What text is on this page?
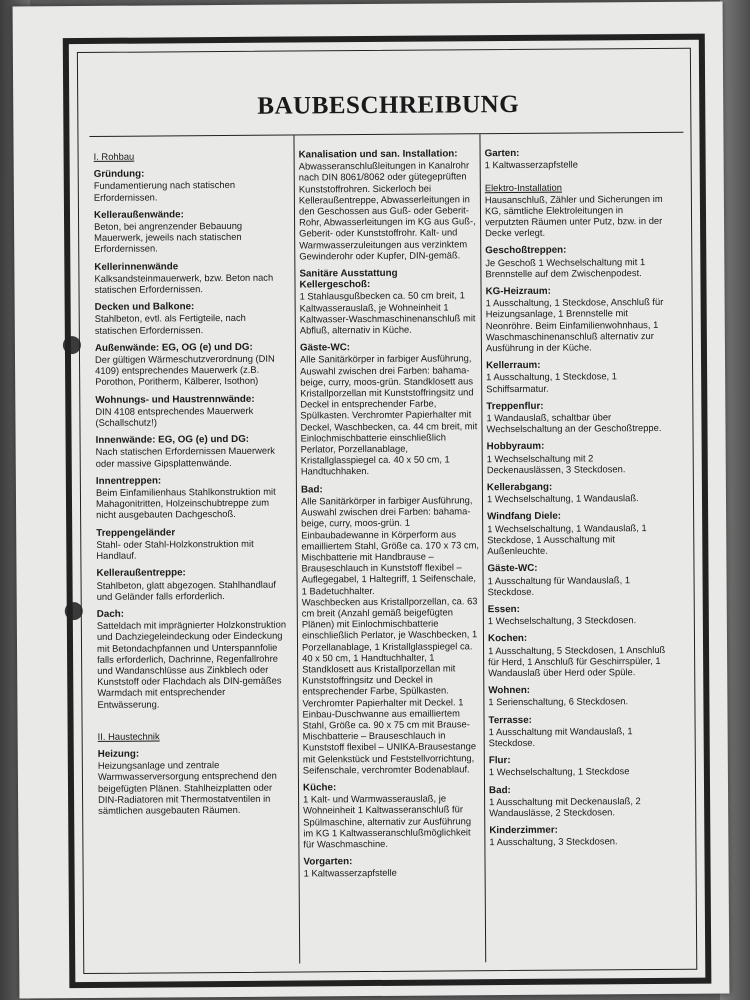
BAUBESCHREIBUNG

I. Rohbau

Gründung:

Fundamentierung nach statischen Erfordernissen.

Kelleraußenwände:

Beton, bei angrenzender Bebauung Mauerwerk, jeweils nach statischen Erfordernissen.

Kellerinnenwände

Kalksandsteinmauerwerk, bzw. Beton nach statischen Erfordernissen.

Decken und Balkone:

Stahlbeton, evtl. als Fertigteile, nach statischen Erfordernissen.

Außenwände: EG, OG (e) und DG:

Der gültigen Wärmeschutzverordnung (DIN 4109) entsprechendes Mauerwerk (z.B. Porothon, Poritherm, Kälberer, Isothon)

Wohnungs- und Haustrennwände:

DIN 4108 entsprechendes Mauerwerk (Schallschutz!)

Innenwände: EG, OG (e) und DG:

Nach statischen Erfordernissen Mauerwerk oder massive Gipsplattenwände.

Innentreppen:

Beim Einfamilienhaus Stahlkonstruktion mit Mahagonitritten, Holzeinschubtreppe zum nicht ausgebauten Dachgeschoß.

Treppengeländer

Stahl- oder Stahl-Holzkonstruktion mit Handlauf.

Kelleraußentreppe:

Stahlbeton, glatt abgezogen. Stahlhandlauf und Geländer falls erforderlich.

Dach:

Satteldach mit imprägnierter Holzkonstruktion und Dachziegeleindeckung oder Eindeckung mit Betondachpfannen und Unterspannfolie falls erforderlich, Dachrinne, Regenfallrohre und Wandanschlüsse aus Zinkblech oder Kunststoff oder Flachdach als DIN-gemäßes Warmdach mit entsprechender Entwässerung.

II. Haustechnik

Heizung:

Heizungsanlage und zentrale Warmwasserversorgung entsprechend den beigefügten Plänen. Stahlheizplatten oder DIN-Radiatoren mit Thermostatventilen in sämtlichen ausgebauten Räumen.

Kanalisation und san. Installation:

Abwasseranschlußleitungen in Kanalrohr nach DIN 8061/8062 oder gütegeprüften Kunststoffrohren. Sickerloch bei Kelleraußentreppe, Abwasserleitungen in den Geschossen aus Guß- oder Geberit-Rohr, Abwasserleitungen im KG aus Guß-, Geberit- oder Kunststoffrohr. Kalt- und Warmwasserzuleitungen aus verzinktem Gewinderohr oder Kupfer, DIN-gemäß.

Sanitäre Ausstattung

Kellergeschoß:

1 Stahlausgußbecken ca. 50 cm breit, 1 Kaltwasserauslaß, je Wohneinheit 1 Kaltwasser-Waschmaschinenanschluß mit Abfluß, alternativ in Küche.

Gäste-WC:

Alle Sanitärkörper in farbiger Ausführung, Auswahl zwischen drei Farben: bahama-beige, curry, moos-grün. Standklosett aus Kristallporzellan mit Kunststoffringsitz und Deckel in entsprechender Farbe, Spülkasten. Verchromter Papierhalter mit Deckel, Waschbecken, ca. 44 cm breit, mit Einlochmischbatterie einschließlich Perlator, Porzellanablage, Kristallglasspiegel ca. 40 x 50 cm, 1 Handtuchhaken.

Bad:

Alle Sanitärkörper in farbiger Ausführung, Auswahl zwischen drei Farben: bahama-beige, curry, moos-grün. 1 Einbaubadewanne in Körperform aus emailliertem Stahl, Größe ca. 170 x 73 cm, Mischbatterie mit Handbrause – Brauseschlauch in Kunststoff flexibel – Auflegegabel, 1 Haltegriff, 1 Seifenschale, 1 Badetuchhalter.

Waschbecken aus Kristallporzellan, ca. 63 cm breit (Anzahl gemäß beigefügten Plänen) mit Einlochmischbatterie einschließlich Perlator, je Waschbecken, 1 Porzellanablage, 1 Kristallglasspiegel ca. 40 x 50 cm, 1 Handtuchhalter, 1 Standklosett aus Kristallporzellan mit Kunststoffringsitz und Deckel in entsprechender Farbe, Spülkasten.

Verchromter Papierhalter mit Deckel. 1 Einbau-Duschwanne aus emailliertem Stahl, Größe ca. 90 x 75 cm mit Brause-Mischbatterie – Brauseschlauch in Kunststoff flexibel – UNIKA-Brausestange mit Gelenkstück und Feststellvorrichtung, Seifenschale, verchromter Bodenablauf.

Küche:

1 Kalt- und Warmwasserauslaß, je Wohneinheit 1 Kaltwasseranschluß für Spülmaschine, alternativ zur Ausführung im KG 1 Kaltwasseranschlußmöglichkeit für Waschmaschine.

Vorgarten:

1 Kaltwasserzapfstelle

Garten:

1 Kaltwasserzapfstelle

Elektro-Installation

Hausanschluß, Zähler und Sicherungen im KG, sämtliche Elektroleitungen in verputzten Räumen unter Putz, bzw. in der Decke verlegt.

Geschoßtreppen:

Je Geschoß 1 Wechselschaltung mit 1 Brennstelle auf dem Zwischenpodest.

KG-Heizraum:

1 Ausschaltung, 1 Steckdose, Anschluß für Heizungsanlage, 1 Brennstelle mit Neonröhre. Beim Einfamilienwohnhaus, 1 Waschmaschinenanschluß alternativ zur Ausführung in der Küche.

Kellerraum:

1 Ausschaltung, 1 Steckdose, 1 Schiffsarmatur.

Treppenflur:

1 Wandauslaß, schaltbar über Wechselschaltung an der Geschoßtreppe.

Hobbyraum:

1 Wechselschaltung mit 2 Deckenauslässen, 3 Steckdosen.

Kellerabgang:

1 Wechselschaltung, 1 Wandauslaß.

Windfang Diele:

1 Wechselschaltung, 1 Wandauslaß, 1 Steckdose, 1 Ausschaltung mit Außenleuchte.

Gäste-WC:

1 Ausschaltung für Wandauslaß, 1 Steckdose.

Essen:

1 Wechselschaltung, 3 Steckdosen.

Kochen:

1 Ausschaltung, 5 Steckdosen, 1 Anschluß für Herd, 1 Anschluß für Geschirrspüler, 1 Wandauslaß über Herd oder Spüle.

Wohnen:

1 Serienschaltung, 6 Steckdosen.

Terrasse:

1 Ausschaltung mit Wandauslaß, 1 Steckdose.

Flur:

1 Wechselschaltung, 1 Steckdose

Bad:

1 Ausschaltung mit Deckenauslaß, 2 Wandauslässe, 2 Steckdosen.

Kinderzimmer:

1 Ausschaltung, 3 Steckdosen.
